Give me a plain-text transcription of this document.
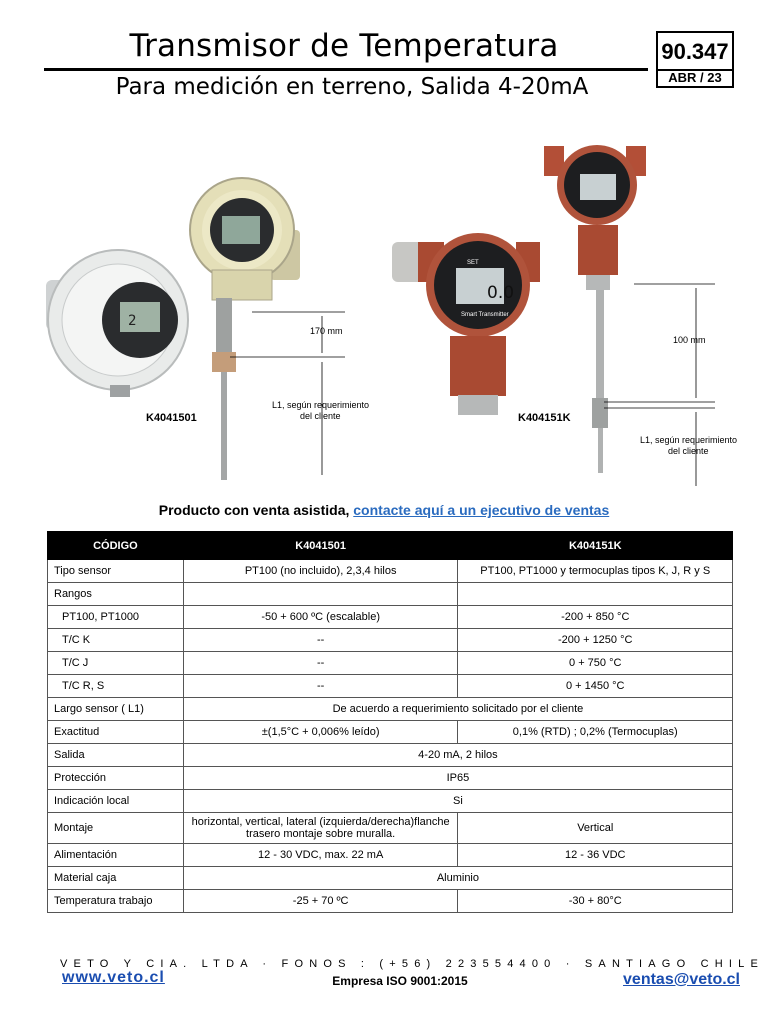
Transmisor de Temperatura
Para medición en terreno, Salida 4-20mA
90.347
ABR / 23
2
170 mm
L1, según requerimiento
del cliente
0.0
SET
Smart Transmitter
100 mm
L1, según requerimiento
del cliente
K4041501	K404151K
Producto con venta asistida, contacte aquí a un ejecutivo de ventas
CÓDIGO	K4041501	K404151K
Tipo sensor	PT100 (no incluido), 2,3,4 hilos	PT100, PT1000 y termocuplas tipos K, J, R y S
Rangos		
PT100, PT1000	-50 + 600 ºC (escalable)	-200 + 850 °C
T/C K	--	-200 + 1250 °C
T/C J	--	0 + 750 °C
T/C R, S	--	0 + 1450 °C
Largo sensor ( L1)	De acuerdo a requerimiento solicitado por el cliente	
Exactitud	±(1,5°C + 0,006% leído)	0,1% (RTD) ; 0,2% (Termocuplas)
Salida	4-20 mA, 2 hilos	
Protección	IP65	
Indicación local	Si	
Montaje	horizontal, vertical, lateral (izquierda/derecha)flanche trasero montaje sobre muralla.	Vertical
Alimentación	12 - 30 VDC, max. 22 mA	12 - 36 VDC
Material caja	Aluminio	
Temperatura trabajo	-25 + 70 ºC	-30 + 80°C
VETO Y CIA. LTDA · FONOS : (+56) 223554400 · SANTIAGO CHILE
www.veto.cl	Empresa ISO 9001:2015	ventas@veto.cl
